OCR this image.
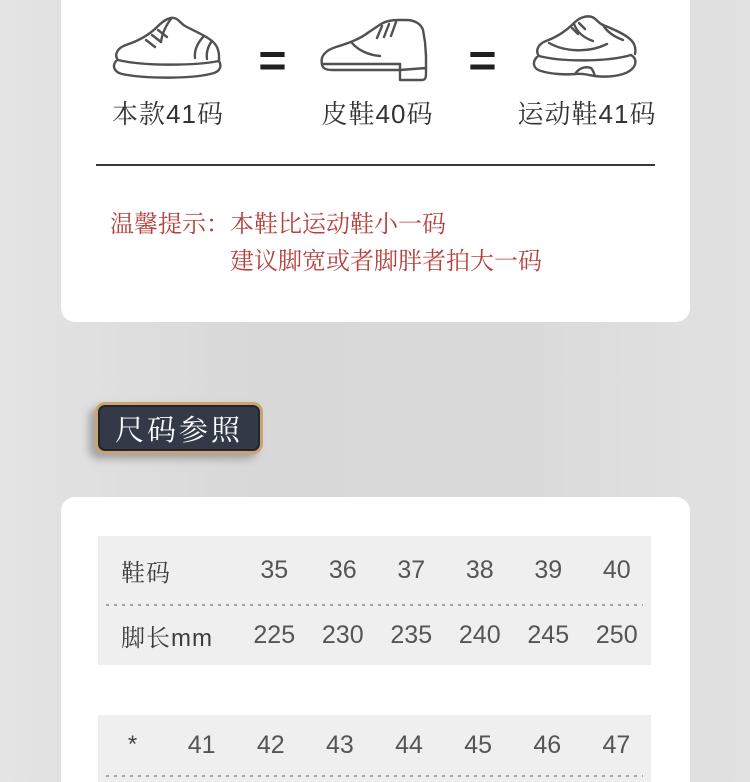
本款41码
=
皮鞋40码
=
运动鞋41码
温馨提示： 本鞋比运动鞋小一码
建议脚宽或者脚胖者拍大一码
尺码参照
鞋码	35	36	37	38	39	40
脚长mm	225	230	235	240	245	250
*	41	42	43	44	45	46	47
